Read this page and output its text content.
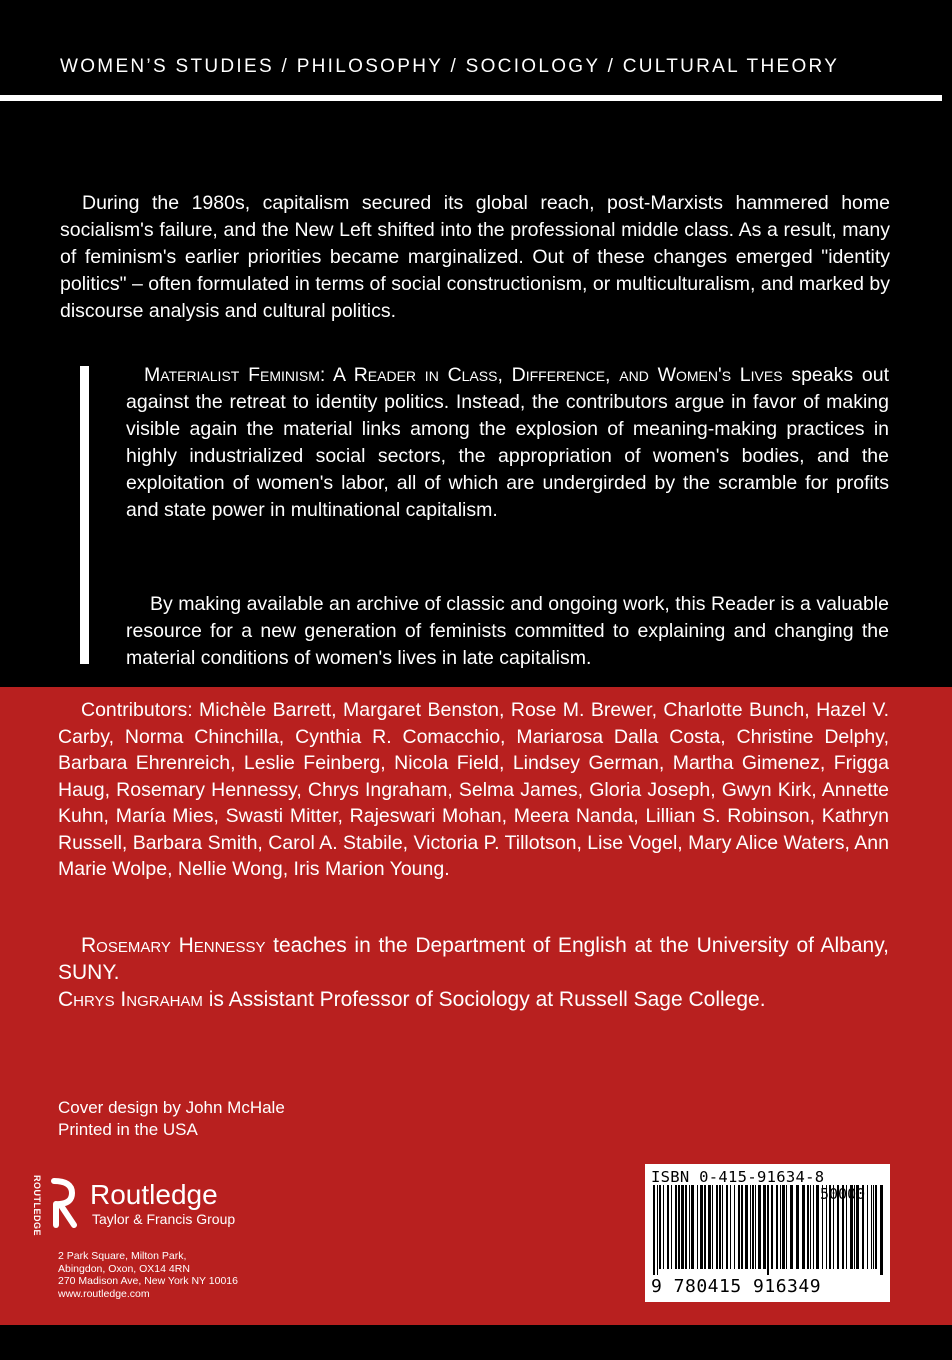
WOMEN’S STUDIES / PHILOSOPHY / SOCIOLOGY / CULTURAL THEORY
During the 1980s, capitalism secured its global reach, post-Marxists hammered home socialism's failure, and the New Left shifted into the professional middle class. As a result, many of feminism's earlier priorities became marginalized. Out of these changes emerged "identity politics" – often formulated in terms of social constructionism, or multiculturalism, and marked by discourse analysis and cultural politics.
Materialist Feminism: A Reader in Class, Difference, and Women's Lives speaks out against the retreat to identity politics. Instead, the contributors argue in favor of making visible again the material links among the explosion of meaning-making practices in highly industrialized social sectors, the appropriation of women's bodies, and the exploitation of women's labor, all of which are undergirded by the scramble for profits and state power in multinational capitalism.
By making available an archive of classic and ongoing work, this Reader is a valuable resource for a new generation of feminists committed to explaining and changing the material conditions of women's lives in late capitalism.
Contributors: Michèle Barrett, Margaret Benston, Rose M. Brewer, Charlotte Bunch, Hazel V. Carby, Norma Chinchilla, Cynthia R. Comacchio, Mariarosa Dalla Costa, Christine Delphy, Barbara Ehrenreich, Leslie Feinberg, Nicola Field, Lindsey German, Martha Gimenez, Frigga Haug, Rosemary Hennessy, Chrys Ingraham, Selma James, Gloria Joseph, Gwyn Kirk, Annette Kuhn, María Mies, Swasti Mitter, Rajeswari Mohan, Meera Nanda, Lillian S. Robinson, Kathryn Russell, Barbara Smith, Carol A. Stabile, Victoria P. Tillotson, Lise Vogel, Mary Alice Waters, Ann Marie Wolpe, Nellie Wong, Iris Marion Young.

Rosemary Hennessy teaches in the Department of English at the University of Albany, SUNY.

Chrys Ingraham is Assistant Professor of Sociology at Russell Sage College.

Cover design by John McHale
Printed in the USA
ROUTLEDGE Routledge
Taylor & Francis Group
2 Park Square, Milton Park,
Abingdon, Oxon, OX14 4RN
270 Madison Ave, New York NY 10016
www.routledge.com
ISBN 0-415-91634-8
50000
9 780415 916349
